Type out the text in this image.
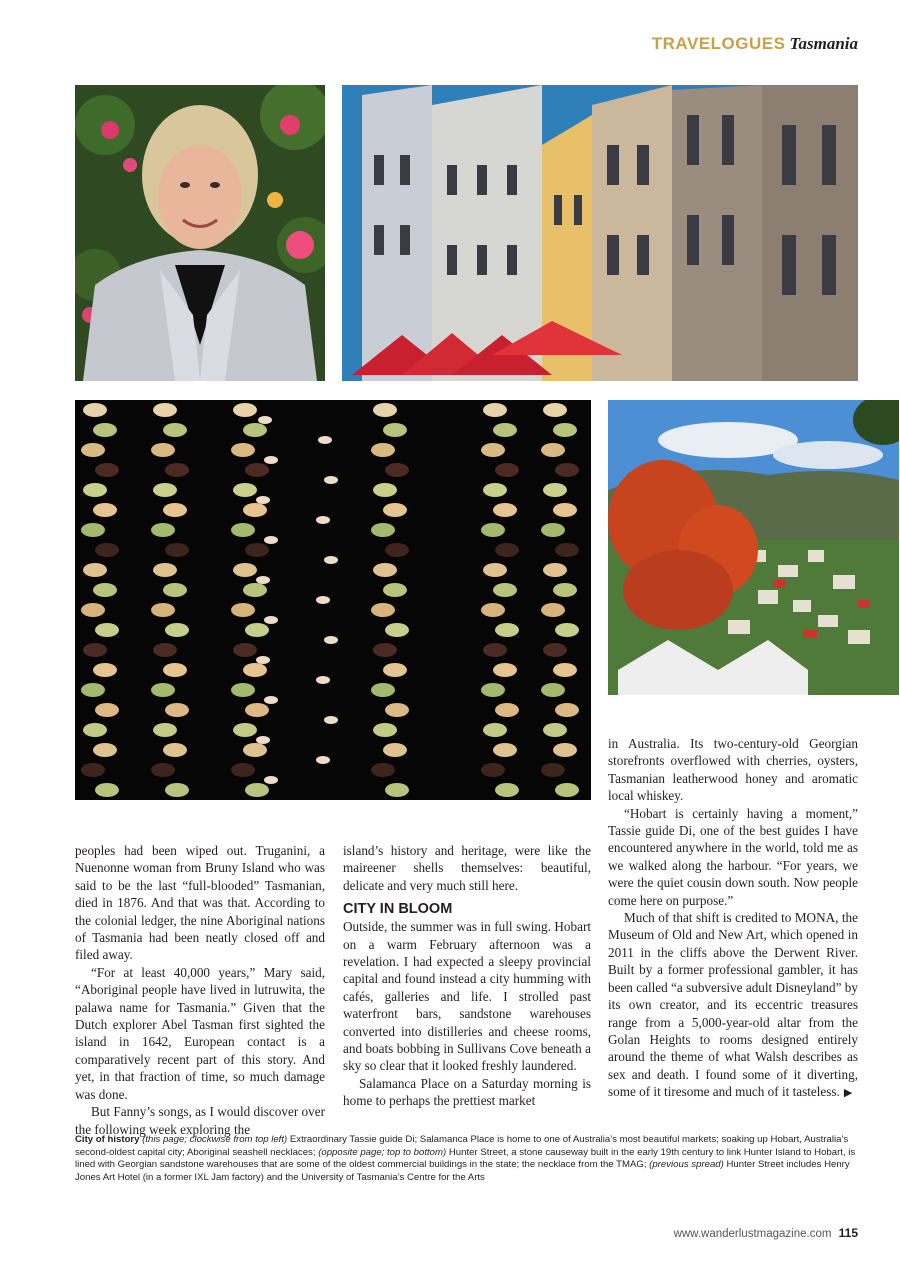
TRAVELOGUES Tasmania

peoples had been wiped out. Truganini, a Nuenonne woman from Bruny Island who was said to be the last “full-blooded” Tasmanian, died in 1876. And that was that. According to the colonial ledger, the nine Aboriginal nations of Tasmania had been neatly closed off and filed away.

“For at least 40,000 years,” Mary said, “Aboriginal people have lived in lutruwita, the palawa name for Tasmania.” Given that the Dutch explorer Abel Tasman first sighted the island in 1642, European contact is a comparatively recent part of this story. And yet, in that fraction of time, so much damage was done.

But Fanny’s songs, as I would discover over the following week exploring the

island’s history and heritage, were like the maireener shells themselves: beautiful, delicate and very much still here.

CITY IN BLOOM

Outside, the summer was in full swing. Hobart on a warm February afternoon was a revelation. I had expected a sleepy provincial capital and found instead a city humming with cafés, galleries and life. I strolled past waterfront bars, sandstone warehouses converted into distilleries and cheese rooms, and boats bobbing in Sullivans Cove beneath a sky so clear that it looked freshly laundered.

Salamanca Place on a Saturday morning is home to perhaps the prettiest market

in Australia. Its two-century-old Georgian storefronts overflowed with cherries, oysters, Tasmanian leatherwood honey and aromatic local whiskey.

“Hobart is certainly having a moment,” Tassie guide Di, one of the best guides I have encountered anywhere in the world, told me as we walked along the harbour. “For years, we were the quiet cousin down south. Now people come here on purpose.”

Much of that shift is credited to MONA, the Museum of Old and New Art, which opened in 2011 in the cliffs above the Derwent River. Built by a former professional gambler, it has been called “a subversive adult Disneyland” by its own creator, and its eccentric treasures range from a 5,000-year-old altar from the Golan Heights to rooms designed entirely around the theme of what Walsh describes as sex and death. I found some of it diverting, some of it tiresome and much of it tasteless. ▶

City of history (this page; clockwise from top left) Extraordinary Tassie guide Di; Salamanca Place is home to one of Australia’s most beautiful markets; soaking up Hobart, Australia’s second-oldest capital city; Aboriginal seashell necklaces; (opposite page; top to bottom) Hunter Street, a stone causeway built in the early 19th century to link Hunter Island to Hobart, is lined with Georgian sandstone warehouses that are some of the oldest commercial buildings in the state; the necklace from the TMAG; (previous spread) Hunter Street includes Henry Jones Art Hotel (in a former IXL Jam factory) and the University of Tasmania’s Centre for the Arts
www.wanderlustmagazine.com 115
